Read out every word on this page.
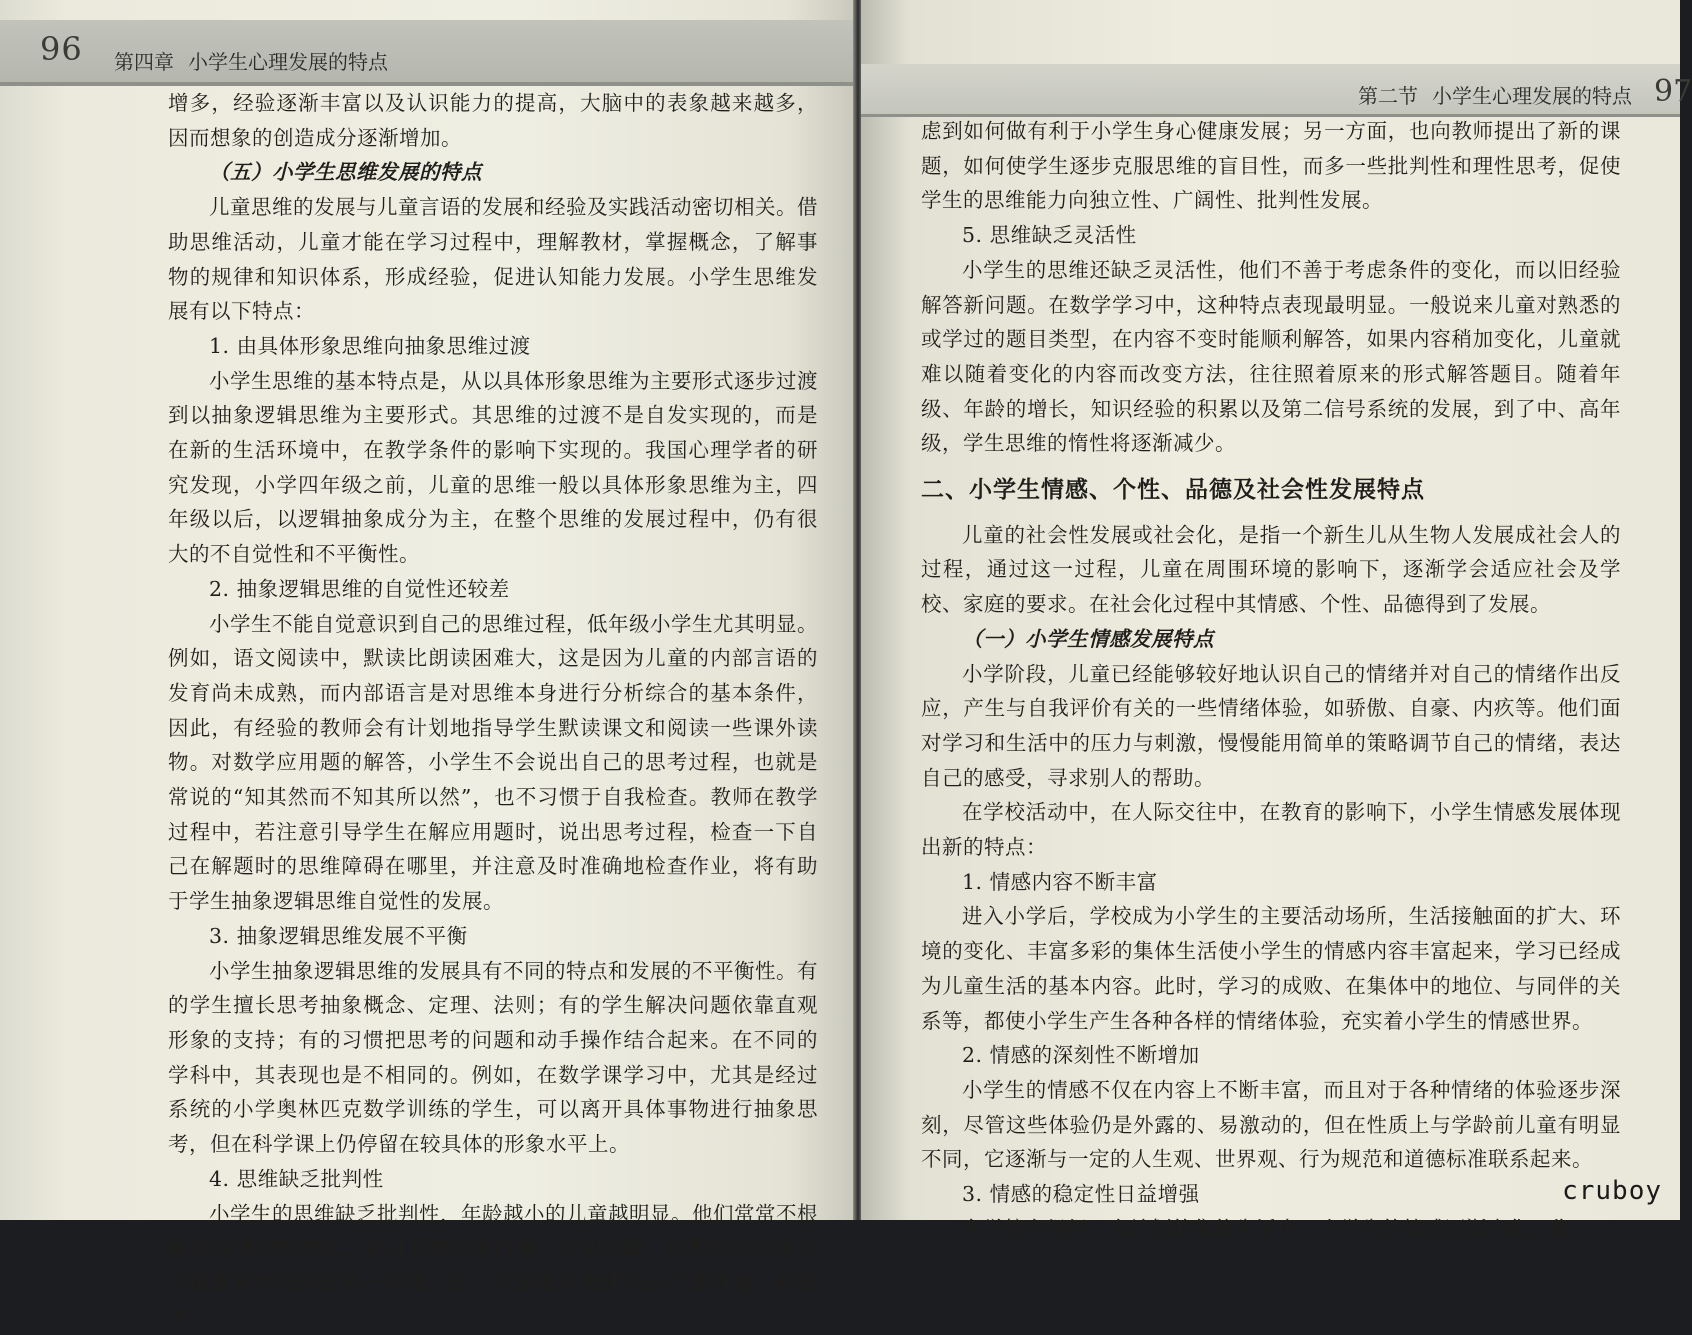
96 第四章 小学生心理发展的特点

增多，经验逐渐丰富以及认识能力的提高，大脑中的表象越来越多，因而想象的创造成分逐渐增加。

（五）小学生思维发展的特点

儿童思维的发展与儿童言语的发展和经验及实践活动密切相关。借助思维活动，儿童才能在学习过程中，理解教材，掌握概念，了解事物的规律和知识体系，形成经验，促进认知能力发展。小学生思维发展有以下特点：

1. 由具体形象思维向抽象思维过渡

小学生思维的基本特点是，从以具体形象思维为主要形式逐步过渡到以抽象逻辑思维为主要形式。其思维的过渡不是自发实现的，而是在新的生活环境中，在教学条件的影响下实现的。我国心理学者的研究发现，小学四年级之前，儿童的思维一般以具体形象思维为主，四年级以后，以逻辑抽象成分为主，在整个思维的发展过程中，仍有很大的不自觉性和不平衡性。

2. 抽象逻辑思维的自觉性还较差

小学生不能自觉意识到自己的思维过程，低年级小学生尤其明显。例如，语文阅读中，默读比朗读困难大，这是因为儿童的内部言语的发育尚未成熟，而内部语言是对思维本身进行分析综合的基本条件，因此，有经验的教师会有计划地指导学生默读课文和阅读一些课外读物。对数学应用题的解答，小学生不会说出自己的思考过程，也就是常说的“知其然而不知其所以然”，也不习惯于自我检查。教师在教学过程中，若注意引导学生在解应用题时，说出思考过程，检查一下自己在解题时的思维障碍在哪里，并注意及时准确地检查作业，将有助于学生抽象逻辑思维自觉性的发展。

3. 抽象逻辑思维发展不平衡

小学生抽象逻辑思维的发展具有不同的特点和发展的不平衡性。有的学生擅长思考抽象概念、定理、法则；有的学生解决问题依靠直观形象的支持；有的习惯把思考的问题和动手操作结合起来。在不同的学科中，其表现也是不相同的。例如，在数学课学习中，尤其是经过系统的小学奥林匹克数学训练的学生，可以离开具体事物进行抽象思考，但在科学课上仍停留在较具体的形象水平上。

4. 思维缺乏批判性

小学生的思维缺乏批判性，年龄越小的儿童越明显。他们常常不根据客观情况的变化，盲目照教师说的每一句话去做，以教师的言语作为衡量事物对错的唯一标准。这一方面要求教师的言行要慎重，时刻考

第二节 小学生心理发展的特点 97

虑到如何做有利于小学生身心健康发展；另一方面，也向教师提出了新的课题，如何使学生逐步克服思维的盲目性，而多一些批判性和理性思考，促使学生的思维能力向独立性、广阔性、批判性发展。

5. 思维缺乏灵活性

小学生的思维还缺乏灵活性，他们不善于考虑条件的变化，而以旧经验解答新问题。在数学学习中，这种特点表现最明显。一般说来儿童对熟悉的或学过的题目类型，在内容不变时能顺利解答，如果内容稍加变化，儿童就难以随着变化的内容而改变方法，往往照着原来的形式解答题目。随着年级、年龄的增长，知识经验的积累以及第二信号系统的发展，到了中、高年级，学生思维的惰性将逐渐减少。

二、小学生情感、个性、品德及社会性发展特点

儿童的社会性发展或社会化，是指一个新生儿从生物人发展成社会人的过程，通过这一过程，儿童在周围环境的影响下，逐渐学会适应社会及学校、家庭的要求。在社会化过程中其情感、个性、品德得到了发展。

（一）小学生情感发展特点

小学阶段，儿童已经能够较好地认识自己的情绪并对自己的情绪作出反应，产生与自我评价有关的一些情绪体验，如骄傲、自豪、内疚等。他们面对学习和生活中的压力与刺激，慢慢能用简单的策略调节自己的情绪，表达自己的感受，寻求别人的帮助。

在学校活动中，在人际交往中，在教育的影响下，小学生情感发展体现出新的特点：

1. 情感内容不断丰富

进入小学后，学校成为小学生的主要活动场所，生活接触面的扩大、环境的变化、丰富多彩的集体生活使小学生的情感内容丰富起来，学习已经成为儿童生活的基本内容。此时，学习的成败、在集体中的地位、与同伴的关系等，都使小学生产生各种各样的情绪体验，充实着小学生的情感世界。

2. 情感的深刻性不断增加

小学生的情感不仅在内容上不断丰富，而且对于各种情绪的体验逐步深刻，尽管这些体验仍是外露的、易激动的，但在性质上与学龄前儿童有明显不同，它逐渐与一定的人生观、世界观、行为规范和道德标准联系起来。

3. 情感的稳定性日益增强

在学校有组织、有计划的集体生活中，小学生的情感逐渐内化、稳

cruboy
